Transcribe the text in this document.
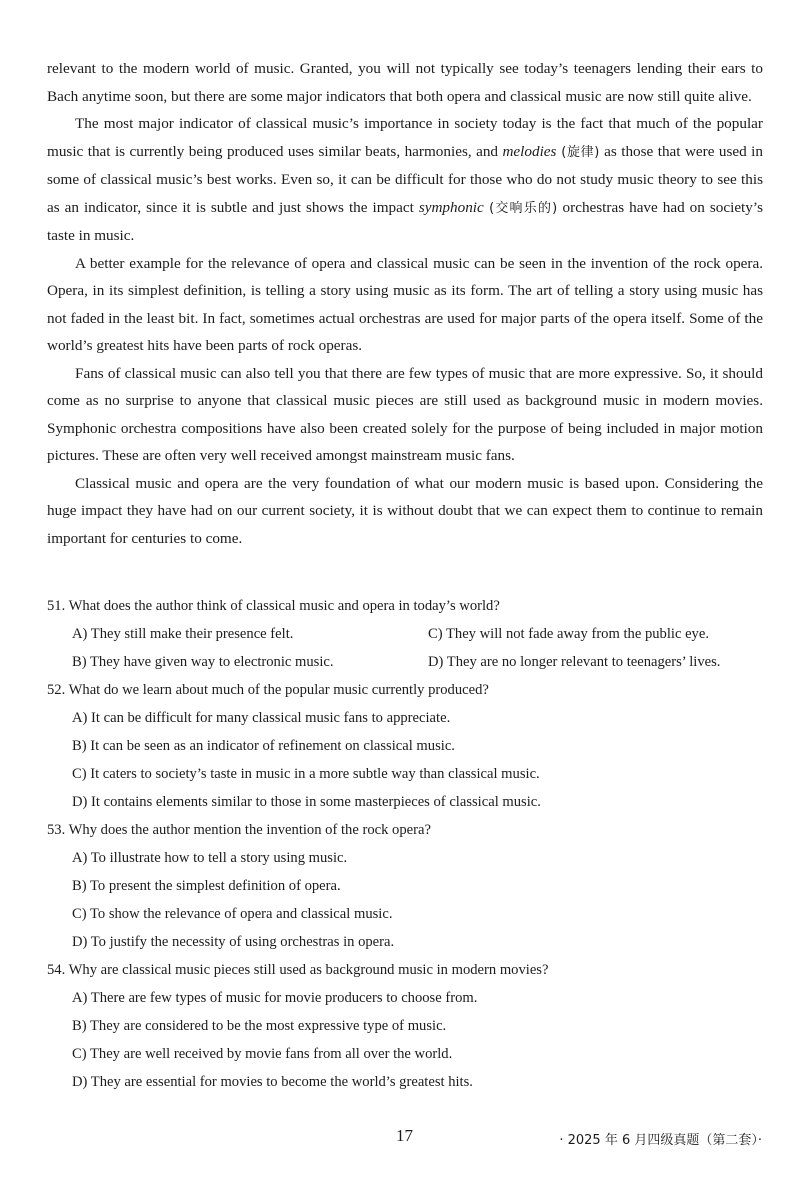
relevant to the modern world of music. Granted, you will not typically see today’s teenagers lending their ears to Bach anytime soon, but there are some major indicators that both opera and classical music are now still quite alive.

The most major indicator of classical music’s importance in society today is the fact that much of the popular music that is currently being produced uses similar beats, harmonies, and melodies (旋律) as those that were used in some of classical music’s best works. Even so, it can be difficult for those who do not study music theory to see this as an indicator, since it is subtle and just shows the impact symphonic (交响乐的) orchestras have had on society’s taste in music.

A better example for the relevance of opera and classical music can be seen in the invention of the rock opera. Opera, in its simplest definition, is telling a story using music as its form. The art of telling a story using music has not faded in the least bit. In fact, sometimes actual orchestras are used for major parts of the opera itself. Some of the world’s greatest hits have been parts of rock operas.

Fans of classical music can also tell you that there are few types of music that are more expressive. So, it should come as no surprise to anyone that classical music pieces are still used as background music in modern movies. Symphonic orchestra compositions have also been created solely for the purpose of being included in major motion pictures. These are often very well received amongst mainstream music fans.

Classical music and opera are the very foundation of what our modern music is based upon. Considering the huge impact they have had on our current society, it is without doubt that we can expect them to continue to remain important for centuries to come.

51. What does the author think of classical music and opera in today’s world?
A) They still make their presence felt.	C) They will not fade away from the public eye.
B) They have given way to electronic music.	D) They are no longer relevant to teenagers’ lives.
52. What do we learn about much of the popular music currently produced?
A) It can be difficult for many classical music fans to appreciate.
B) It can be seen as an indicator of refinement on classical music.
C) It caters to society’s taste in music in a more subtle way than classical music.
D) It contains elements similar to those in some masterpieces of classical music.
53. Why does the author mention the invention of the rock opera?
A) To illustrate how to tell a story using music.
B) To present the simplest definition of opera.
C) To show the relevance of opera and classical music.
D) To justify the necessity of using orchestras in opera.
54. Why are classical music pieces still used as background music in modern movies?
A) There are few types of music for movie producers to choose from.
B) They are considered to be the most expressive type of music.
C) They are well received by movie fans from all over the world.
D) They are essential for movies to become the world’s greatest hits.
17	· 2025 年 6 月四级真题（第二套）·
